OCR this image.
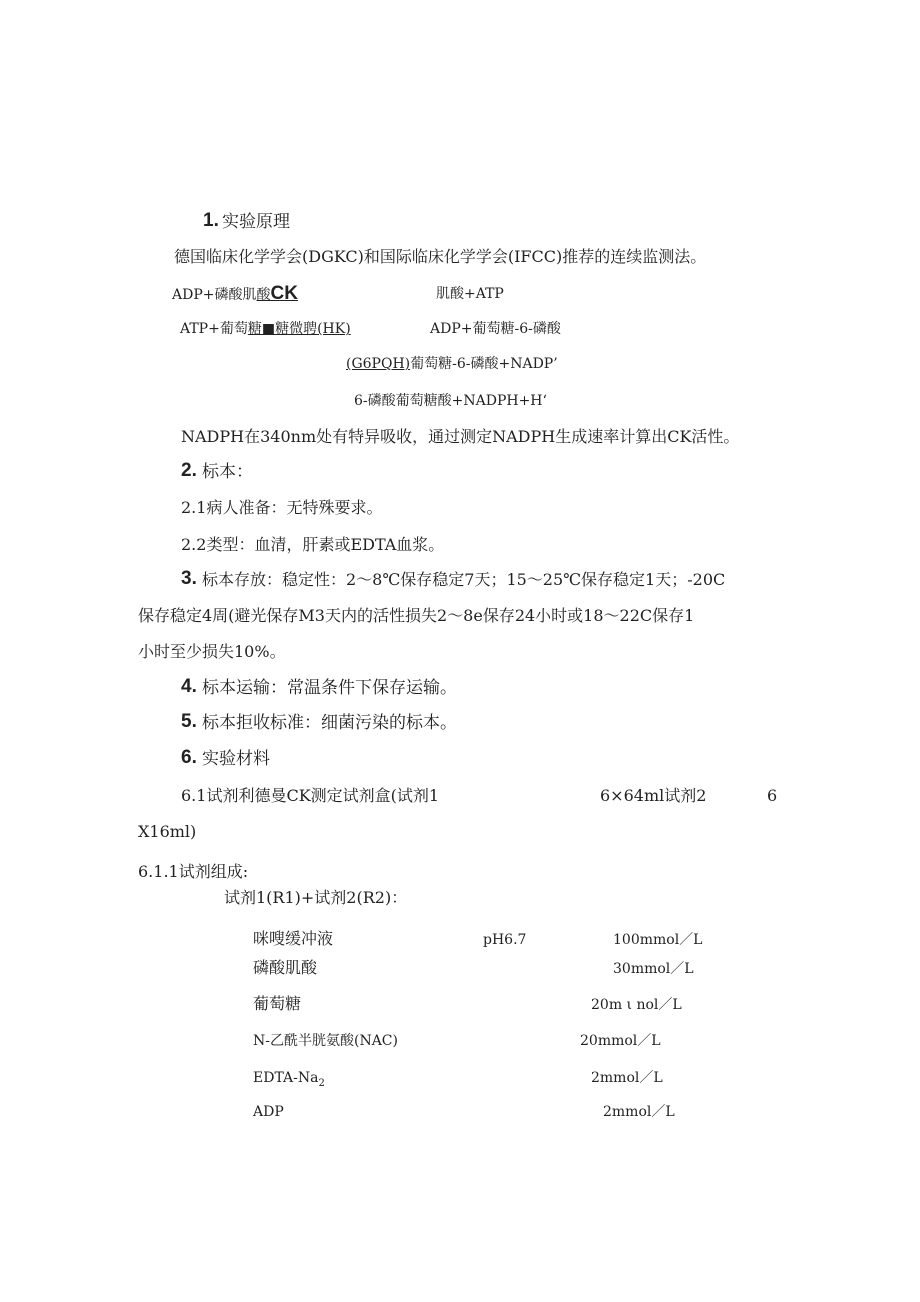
1. 实验原理
德国临床化学学会(DGKC)和国际临床化学学会(IFCC)推荐的连续监测法。
ADP+磷酸肌酸CK	肌酸+ATP
ATP+葡萄糖■糖微聘(HK)	ADP+葡萄糖-6-磷酸
(G6PQH)葡萄糖-6-磷酸+NADP’
6-磷酸葡萄糖酸+NADPH+H‘
NADPH在340nm处有特异吸收，通过测定NADPH生成速率计算出CK活性。
2. 标本：
2.1病人准备：无特殊要求。
2.2类型：血清，肝素或EDTA血浆。
3. 标本存放：稳定性：2～8℃保存稳定7天；15～25℃保存稳定1天；-20C
保存稳定4周(避光保存M3天内的活性损失2～8e保存24小时或18～22C保存1
小时至少损失10%。
4. 标本运输：常温条件下保存运输。
5. 标本拒收标准：细菌污染的标本。
6. 实验材料
6.1试剂利德曼CK测定试剂盒(试剂1	6×64ml试剂2	6
X16ml)
6.1.1试剂组成:
试剂1(R1)+试剂2(R2)：
咪嗖缓冲液	pH6.7	100mmol／L
磷酸肌酸	30mmol／L
葡萄糖	20m ι nol／L
N-乙酰半胱氨酸(NAC)	20mmol／L
EDTA-$Na_2$	2mmol／L
ADP	2mmol／L
